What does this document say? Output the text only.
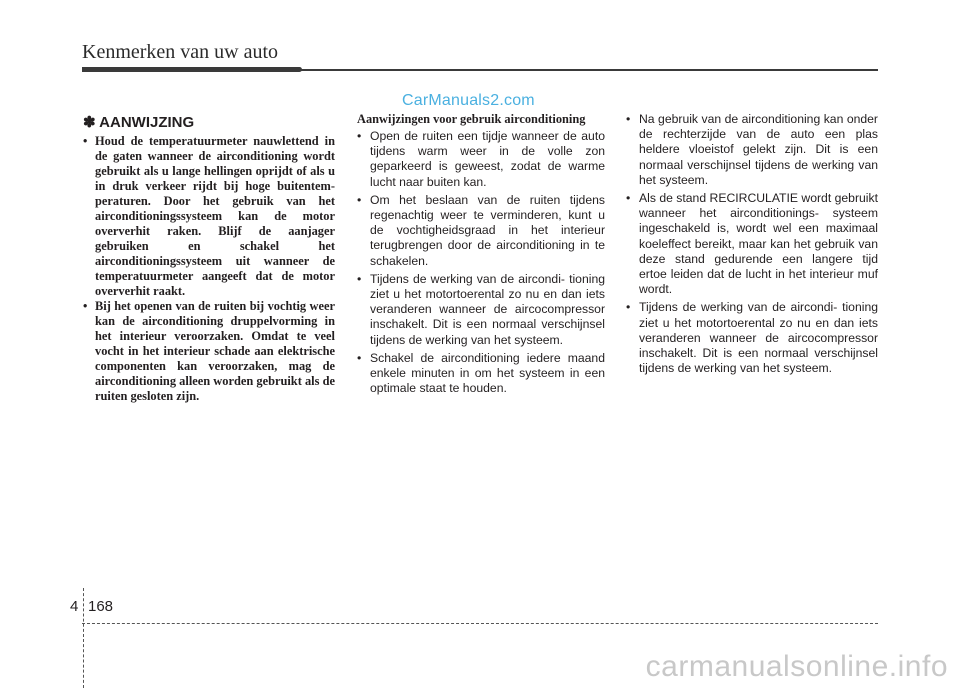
Kenmerken van uw auto
CarManuals2.com
✽ AANWIJZING
• Houd de temperatuurmeter nauwlettend in de gaten wanneer de airconditioning wordt gebruikt als u lange hellingen oprijdt of als u in druk verkeer rijdt bij hoge buitentem- peraturen. Door het gebruik van het airconditioningssysteem kan de motor oververhit raken. Blijf de aanjager gebruiken en schakel het airconditioningssysteem uit wanneer de temperatuurmeter aangeeft dat de motor oververhit raakt.
• Bij het openen van de ruiten bij vochtig weer kan de airconditioning druppelvorming in het interieur veroorzaken. Omdat te veel vocht in het interieur schade aan elektrische componenten kan veroorzaken, mag de airconditioning alleen worden gebruikt als de ruiten gesloten zijn.
Aanwijzingen voor gebruik airconditioning
• Open de ruiten een tijdje wanneer de auto tijdens warm weer in de volle zon geparkeerd is geweest, zodat de warme lucht naar buiten kan.
• Om het beslaan van de ruiten tijdens regenachtig weer te verminderen, kunt u de vochtigheidsgraad in het interieur terugbrengen door de airconditioning in te schakelen.
• Tijdens de werking van de aircondi- tioning ziet u het motortoerental zo nu en dan iets veranderen wanneer de aircocompressor inschakelt. Dit is een normaal verschijnsel tijdens de werking van het systeem.
• Schakel de airconditioning iedere maand enkele minuten in om het systeem in een optimale staat te houden.
• Na gebruik van de airconditioning kan onder de rechterzijde van de auto een plas heldere vloeistof gelekt zijn. Dit is een normaal verschijnsel tijdens de werking van het systeem.
• Als de stand RECIRCULATIE wordt gebruikt wanneer het airconditionings- systeem ingeschakeld is, wordt wel een maximaal koeleffect bereikt, maar kan het gebruik van deze stand gedurende een langere tijd ertoe leiden dat de lucht in het interieur muf wordt.
• Tijdens de werking van de aircondi- tioning ziet u het motortoerental zo nu en dan iets veranderen wanneer de aircocompressor inschakelt. Dit is een normaal verschijnsel tijdens de werking van het systeem.
4 168
carmanualsonline.info
